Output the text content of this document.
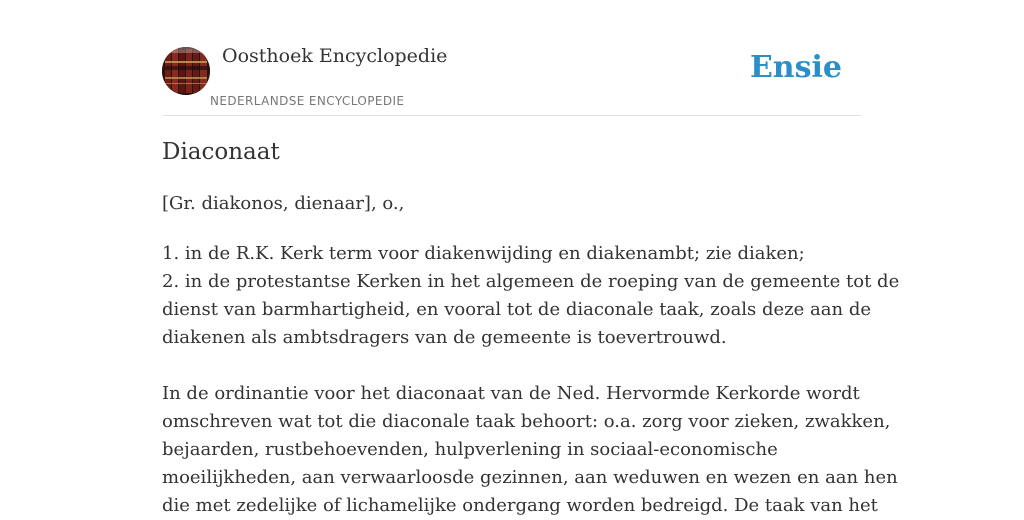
Oosthoek Encyclopedie
NEDERLANDSE ENCYCLOPEDIE
Ensie
Diaconaat

[Gr. diakonos, dienaar], o.,

1. in de R.K. Kerk term voor diakenwijding en diakenambt; zie diaken;
2. in de protestantse Kerken in het algemeen de roeping van de gemeente tot de
dienst van barmhartigheid, en vooral tot de diaconale taak, zoals deze aan de
diakenen als ambtsdragers van de gemeente is toevertrouwd.
In de ordinantie voor het diaconaat van de Ned. Hervormde Kerkorde wordt
omschreven wat tot die diaconale taak behoort: o.a. zorg voor zieken, zwakken,
bejaarden, rustbehoevenden, hulpverlening in sociaal-economische
moeilijkheden, aan verwaarloosde gezinnen, aan weduwen en wezen en aan hen
die met zedelijke of lichamelijke ondergang worden bedreigd. De taak van het
